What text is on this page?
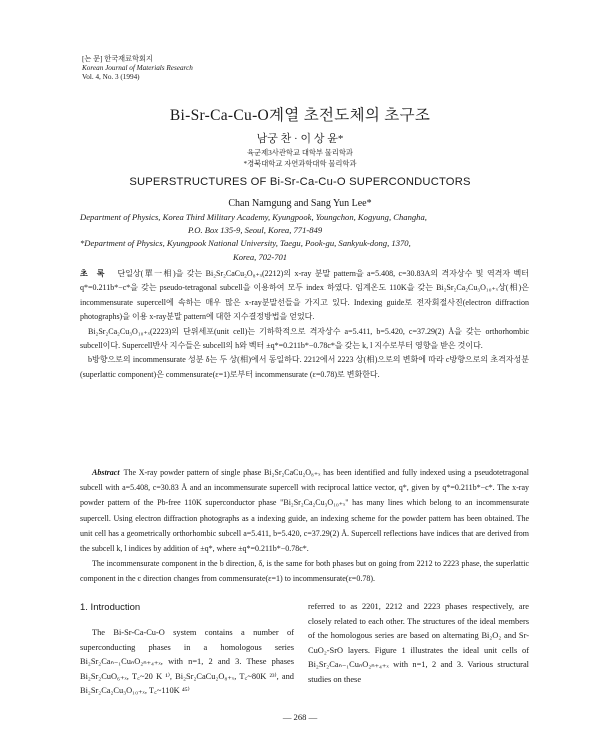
[논 문] 한국재료학회지
Korean Journal of Materials Research
Vol. 4, No. 3 (1994)
Bi-Sr-Ca-Cu-O계열 초전도체의 초구조
남궁 찬 · 이 상 윤*
육군제3사관학교 대학부 물리학과
*경북대학교 자연과학대학 물리학과
SUPERSTRUCTURES OF Bi-Sr-Ca-Cu-O SUPERCONDUCTORS
Chan Namgung and Sang Yun Lee*

Department of Physics, Korea Third Military Academy, Kyungpook, Youngchon, Kogyung, Changha,

P.O. Box 135-9, Seoul, Korea, 771-849

*Department of Physics, Kyungpook National University, Taegu, Pook-gu, Sankyuk-dong, 1370,

Korea, 702-701

초록 단일상(單一相)을 갖는 Bi₂Sr₂CaCu₂O₈₊ₓ(2212)의 x-ray 분말 pattern을 a=5.408, c=30.83A의 격자상수 및 역격자 벡터 q*=0.211b*−c*을 갖는 pseudo-tetragonal subcell을 이용하여 모두 index 하였다. 임계온도 110K을 갖는 Bi₂Sr₂Ca₂Cu₃O₁₀₊ₓ상(相)은 incommensurate supercell에 속하는 매우 많은 x-ray분말선들을 가지고 있다. Indexing guide로 전자회절사진(electron diffraction photographs)을 이용 x-ray분말 pattern에 대한 지수결정방법을 얻었다.

Bi₂Sr₂Ca₂Cu₃O₁₀₊ₓ(2223)의 단위세포(unit cell)는 기하학적으로 격자상수 a=5.411, b=5.420, c=37.29(2) Å을 갖는 orthorhombic subcell이다. Supercell반사 지수들은 subcell의 h와 벡터 ±q*=0.211b*−0.78c*을 갖는 k, l 지수로부터 영향을 받은 것이다.

b방향으로의 incommensurate 성분 δ는 두 상(相)에서 동일하다. 2212에서 2223 상(相)으로의 변화에 따라 c방향으로의 초격자성분(superlattic component)은 commensurate(ε=1)로부터 incommensurate (ε=0.78)로 변화한다.

Abstract The X-ray powder pattern of single phase Bi₂Sr₂CaCu₂O₈₊ₓ has been identified and fully indexed using a pseudotetragonal subcell with a=5.408, c=30.83 Å and an incommensurate supercell with reciprocal lattice vector, q*, given by q*=0.211b*−c*. The x-ray powder pattern of the Pb-free 110K superconductor phase "Bi₂Sr₂Ca₂Cu₃O₁₀₊ₓ" has many lines which belong to an incommensurate supercell. Using electron diffraction photographs as a indexing guide, an indexing scheme for the powder pattern has been obtained. The unit cell has a geometrically orthorhombic subcell a=5.411, b=5.420, c=37.29(2) Å. Supercell reflections have indices that are derived from the subcell k, l indices by addition of ±q*, where ±q*=0.211b*−0.78c*.

The incommensurate component in the b direction, δ, is the same for both phases but on going from 2212 to 2223 phase, the superlattic component in the c direction changes from commensurate(ε=1) to incommensurate(ε=0.78).

1. Introduction

The Bi-Sr-Ca-Cu-O system contains a number of superconducting phases in a homologous series Bi₂Sr₂Caₙ₋₁CuₙO₂ₙ₊₄₊ₓ, with n=1, 2 and 3. These phases Bi₂Sr₂CuO₆₊ₓ, T꜀~20 K ¹⁾, Bi₂Sr₂CaCu₂O₈₊ₓ, T꜀~80K ²³⁾, and Bi₂Sr₂Ca₂Cu₃O₁₀₊ₓ, T꜀~110K ⁴⁵⁾

referred to as 2201, 2212 and 2223 phases respectively, are closely related to each other. The structures of the ideal members of the homologous series are based on alternating Bi₂O₂ and Sr-CuO₂-SrO layers. Figure 1 illustrates the ideal unit cells of Bi₂Sr₂Caₙ₋₁CuₙO₂ₙ₊₄₊ₓ with n=1, 2 and 3. Various structural studies on these

— 268 —
